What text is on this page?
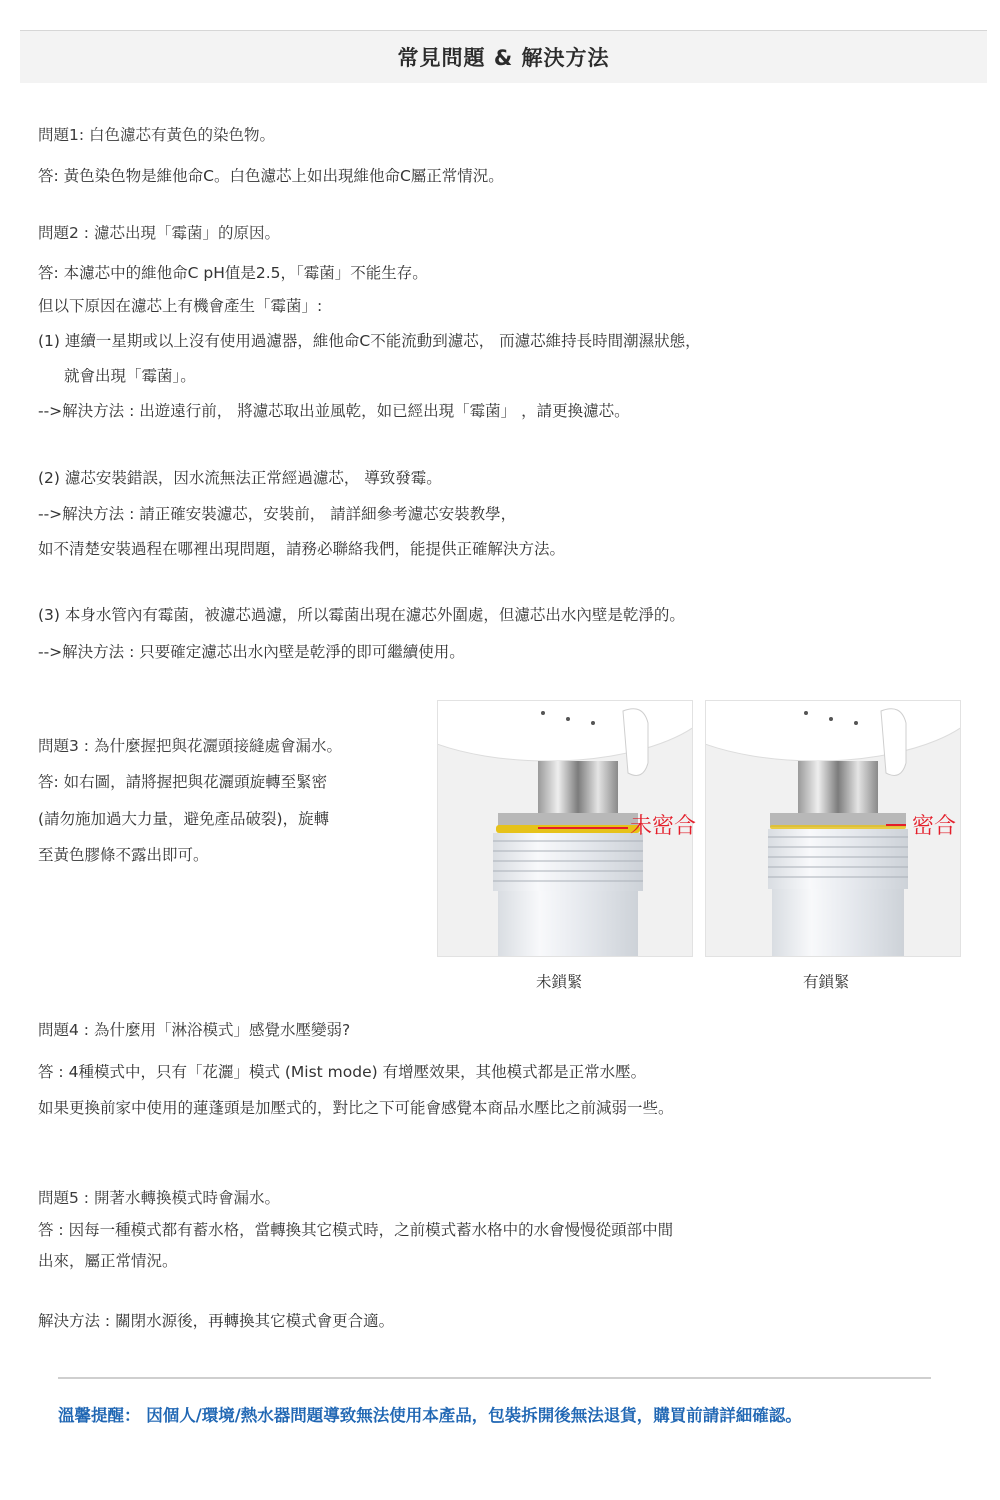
常見問題 & 解決方法
問題1: 白色濾芯有黃色的染色物。
答: 黃色染色物是維他命C。白色濾芯上如出現維他命C屬正常情況。
問題2 : 濾芯出現「霉菌」的原因。
答: 本濾芯中的維他命C pH值是2.5，「霉菌」不能生存。
但以下原因在濾芯上有機會產生「霉菌」:
(1) 連續一星期或以上沒有使用過濾器，維他命C不能流動到濾芯， 而濾芯維持長時間潮濕狀態，
就會出現「霉菌」。
-->解決方法 : 出遊遠行前， 將濾芯取出並風乾，如已經出現「霉菌」 ，請更換濾芯。
(2) 濾芯安裝錯誤，因水流無法正常經過濾芯， 導致發霉。
-->解決方法 : 請正確安裝濾芯，安裝前， 請詳細參考濾芯安裝教學，
如不清楚安裝過程在哪裡出現問題，請務必聯絡我們，能提供正確解決方法。
(3) 本身水管內有霉菌，被濾芯過濾，所以霉菌出現在濾芯外圍處，但濾芯出水內壁是乾淨的。
-->解決方法 : 只要確定濾芯出水內壁是乾淨的即可繼續使用。
問題3 : 為什麼握把與花灑頭接縫處會漏水。
答: 如右圖，請將握把與花灑頭旋轉至緊密
(請勿施加過大力量，避免產品破裂)，旋轉
至黃色膠條不露出即可。
未密合	密合
未鎖緊	有鎖緊
問題4 : 為什麼用「淋浴模式」感覺水壓變弱?
答 : 4種模式中，只有「花灑」模式 (Mist mode) 有增壓效果，其他模式都是正常水壓。
如果更換前家中使用的蓮蓬頭是加壓式的，對比之下可能會感覺本商品水壓比之前減弱一些。
問題5 : 開著水轉換模式時會漏水。
答 : 因每一種模式都有蓄水格，當轉換其它模式時，之前模式蓄水格中的水會慢慢從頭部中間
出來，屬正常情況。
解決方法 : 關閉水源後，再轉換其它模式會更合適。
溫馨提醒： 因個人/環境/熱水器問題導致無法使用本產品，包裝拆開後無法退貨，購買前請詳細確認。
